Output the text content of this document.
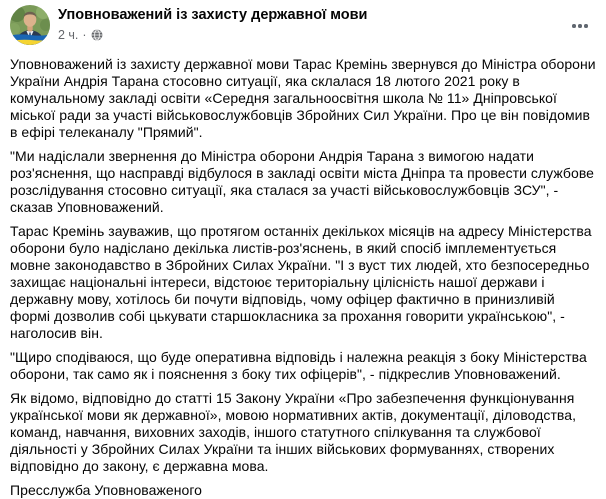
Уповноважений із захисту державної мови
2 ч. ·

Уповноважений із захисту державної мови Тарас Кремінь звернувся до Міністра оборони України Андрія Тарана стосовно ситуації, яка склалася 18 лютого 2021 року в комунальному закладі освіти «Середня загальноосвітня школа № 11» Дніпровської міської ради за участі військовослужбовців Збройних Сил України. Про це він повідомив в ефірі телеканалу "Прямий".

"Ми надіслали звернення до Міністра оборони Андрія Тарана з вимогою надати роз'яснення, що насправді відбулося в закладі освіти міста Дніпра та провести службове розслідування стосовно ситуації, яка сталася за участі військовослужбовців ЗСУ", - сказав Уповноважений.

Тарас Кремінь зауважив, що протягом останніх декількох місяців на адресу Міністерства оборони було надіслано декілька листів-роз'яснень, в який спосіб імплементується мовне законодавство в Збройних Силах України. "І з вуст тих людей, хто безпосередньо захищає національні інтереси, відстоює територіальну цілісність нашої держави і державну мову, хотілось би почути відповідь, чому офіцер фактично в принизливій формі дозволив собі цькувати старшокласника за прохання говорити українською", - наголосив він.

"Щиро сподіваюся, що буде оперативна відповідь і належна реакція з боку Міністерства оборони, так само як і пояснення з боку тих офіцерів", - підкреслив Уповноважений.

Як відомо, відповідно до статті 15 Закону України «Про забезпечення функціонування української мови як державної», мовою нормативних актів, документації, діловодства, команд, навчання, виховних заходів, іншого статутного спілкування та службової діяльності у Збройних Силах України та інших військових формуваннях, створених відповідно до закону, є державна мова.

Пресслужба Уповноваженого
